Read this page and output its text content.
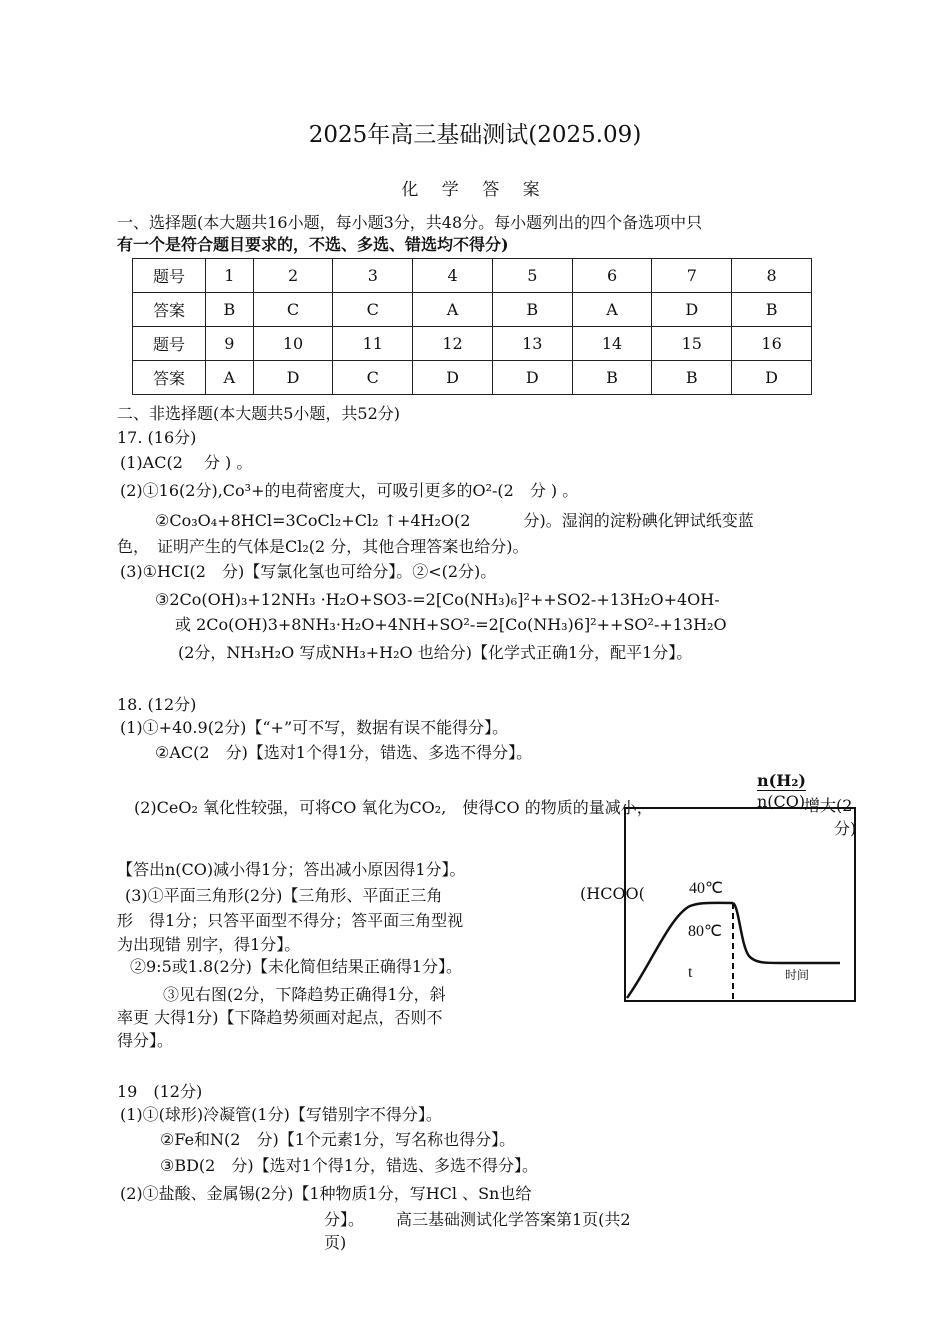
2025年高三基础测试(2025.09)
化 学 答 案
一、选择题(本大题共16小题，每小题3分，共48分。每小题列出的四个备选项中只
有一个是符合题目要求的，不选、多选、错选均不得分)
题号	1	2	3	4	5	6	7	8
答案	B	C	C	A	B	A	D	B
题号	9	10	11	12	13	14	15	16
答案	A	D	C	D	D	B	B	D
二、非选择题(本大题共5小题，共52分)
17. (16分)
(1)AC(2　 分 ) 。
(2)①16(2分),Co³+的电荷密度大，可吸引更多的O²-(2　分 ) 。
②Co₃O₄+8HCl=3CoCl₂+Cl₂ ↑+4H₂O(2　　　 分)。湿润的淀粉碘化钾试纸变蓝
色，　证明产生的气体是Cl₂(2 分，其他合理答案也给分)。
(3)①HCI(2　分)【写氯化氢也可给分】。②<(2分)。
③2Co(OH)₃+12NH₃ ·H₂O+SO3-=2[Co(NH₃)₆]²++SO2-+13H₂O+4OH-
或 2Co(OH)3+8NH₃·H₂O+4NH+SO²-=2[Co(NH₃)6]²++SO²-+13H₂O
(2分，NH₃H₂O 写成NH₃+H₂O 也给分)【化学式正确1分，配平1分】。
18. (12分)
(1)①+40.9(2分)【“+”可不写，数据有误不能得分】。
②AC(2　分)【选对1个得1分，错选、多选不得分】。
n(H₂)
(2)CeO₂ 氧化性较强，可将CO 氧化为CO₂,　使得CO 的物质的量减小，	n(CO)
增大(2
分)
【答出n(CO)减小得1分；答出减小原因得1分】。
(3)①平面三角形(2分)【三角形、平面正三角
形　得1分；只答平面型不得分；答平面三角型视
为出现错 别字，得1分】。
②9:5或1.8(2分)【未化简但结果正确得1分】。
③见右图(2分，下降趋势正确得1分，斜
率更 大得1分)【下降趋势须画对起点，否则不
得分】。
(HCOO(	40℃
80℃
t	时间
19　(12分)
(1)①(球形)冷凝管(1分)【写错别字不得分】。
②Fe和N(2　分)【1个元素1分，写名称也得分】。
③BD(2　分)【选对1个得1分，错选、多选不得分】。
(2)①盐酸、金属锡(2分)【1种物质1分，写HCl 、Sn也给
分】。 高三基础测试化学答案第1页(共2
页)
